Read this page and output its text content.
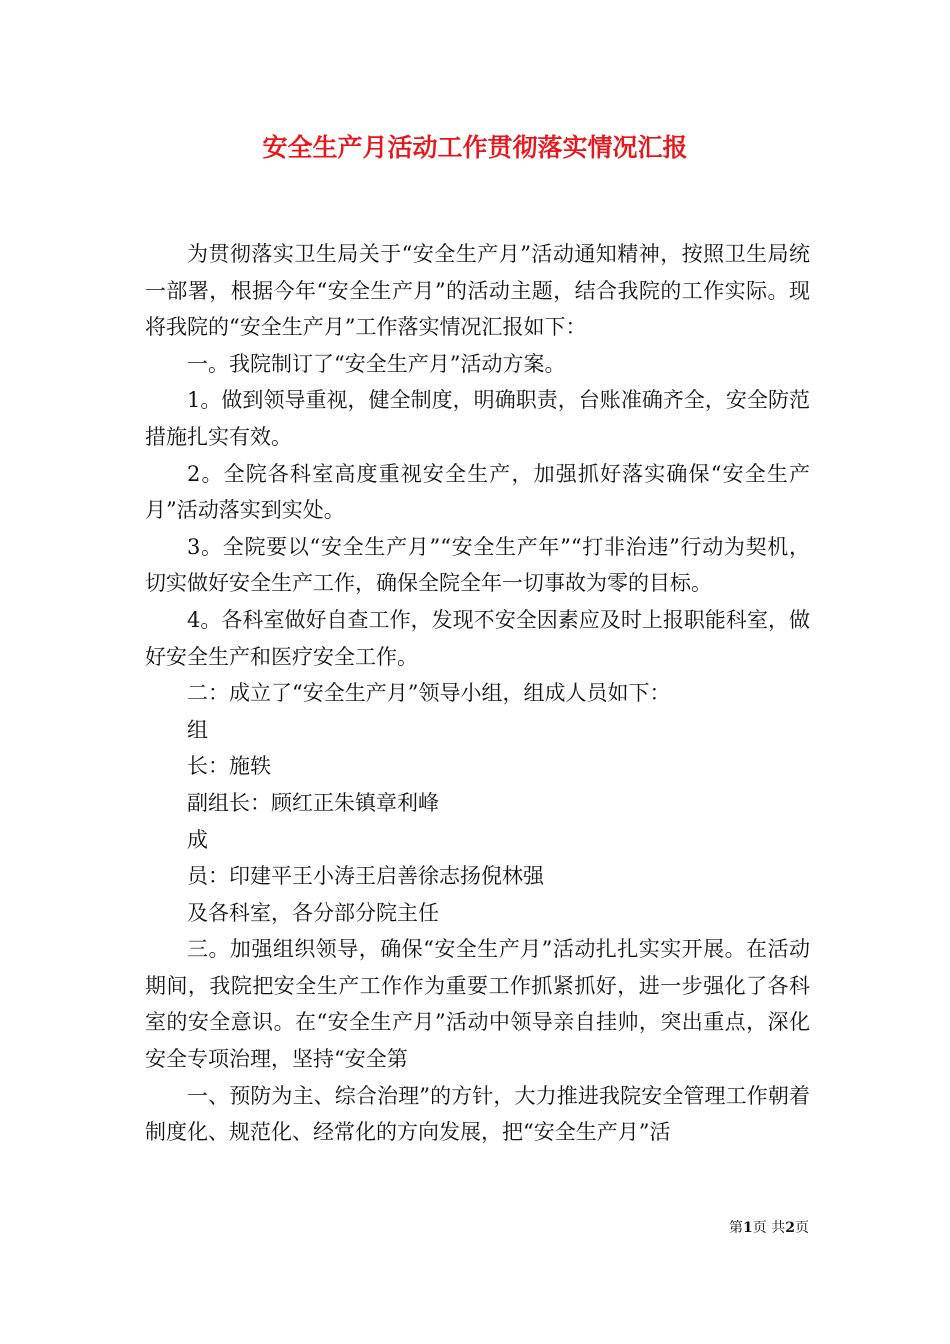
安全生产月活动工作贯彻落实情况汇报

为贯彻落实卫生局关于“安全生产月”活动通知精神，按照卫生局统一部署，根据今年“安全生产月”的活动主题，结合我院的工作实际。现将我院的“安全生产月”工作落实情况汇报如下：

一。我院制订了“安全生产月”活动方案。

1。做到领导重视，健全制度，明确职责，台账准确齐全，安全防范措施扎实有效。

2。全院各科室高度重视安全生产，加强抓好落实确保“安全生产月”活动落实到实处。

3。全院要以“安全生产月”“安全生产年”“打非治违”行动为契机，切实做好安全生产工作，确保全院全年一切事故为零的目标。

4。各科室做好自查工作，发现不安全因素应及时上报职能科室，做好安全生产和医疗安全工作。

二：成立了“安全生产月”领导小组，组成人员如下：

组

长：施轶

副组长：顾红正朱镇章利峰

成

员：印建平王小涛王启善徐志扬倪林强

及各科室，各分部分院主任

三。加强组织领导，确保“安全生产月”活动扎扎实实开展。在活动期间，我院把安全生产工作作为重要工作抓紧抓好，进一步强化了各科室的安全意识。在“安全生产月”活动中领导亲自挂帅，突出重点，深化安全专项治理，坚持“安全第

一、预防为主、综合治理”的方针，大力推进我院安全管理工作朝着制度化、规范化、经常化的方向发展，把“安全生产月”活

第1页 共2页
